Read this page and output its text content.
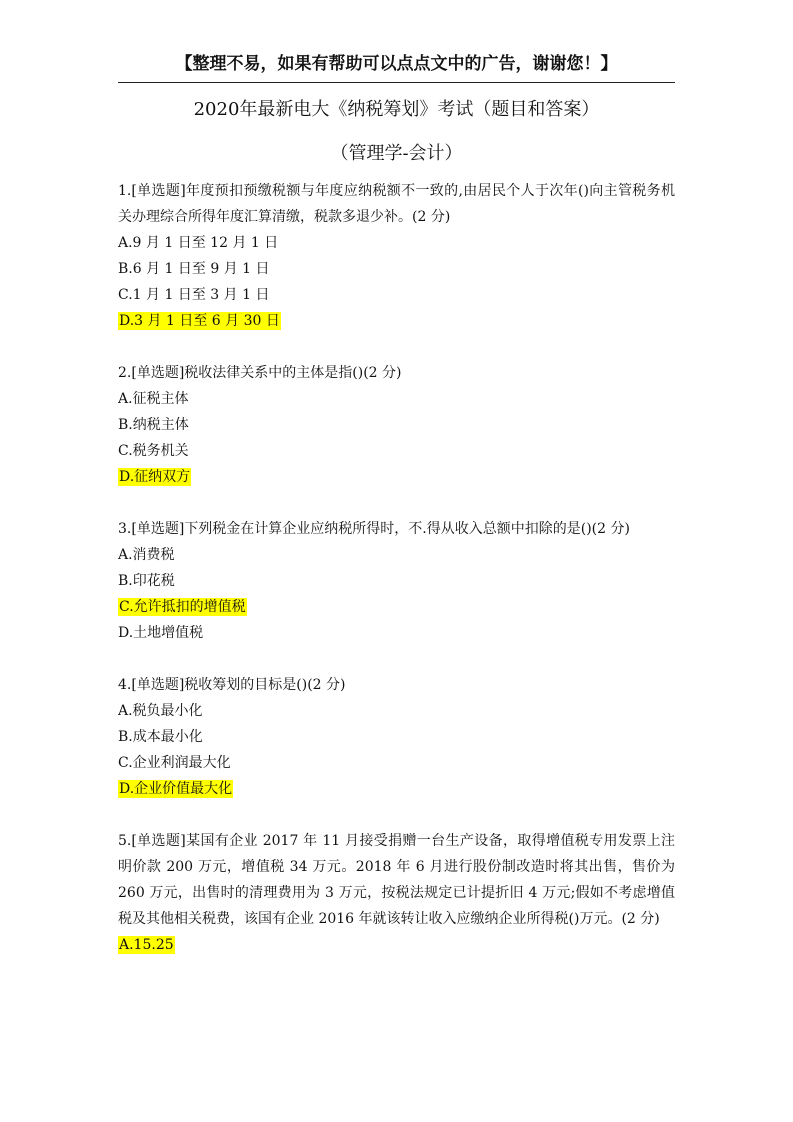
【整理不易，如果有帮助可以点点文中的广告，谢谢您！】
2020年最新电大《纳税筹划》考试（题目和答案）
（管理学-会计）
1.[单选题]年度预扣预缴税额与年度应纳税额不一致的,由居民个人于次年()向主管税务机关办理综合所得年度汇算清缴，税款多退少补。(2 分)
A.9 月 1 日至 12 月 1 日
B.6 月 1 日至 9 月 1 日
C.1 月 1 日至 3 月 1 日
D.3 月 1 日至 6 月 30 日
2.[单选题]税收法律关系中的主体是指()(2 分)
A.征税主体
B.纳税主体
C.税务机关
D.征纳双方
3.[单选题]下列税金在计算企业应纳税所得时，不.得从收入总额中扣除的是()(2 分)
A.消费税
B.印花税
C.允许抵扣的增值税
D.土地增值税
4.[单选题]税收筹划的目标是()(2 分)
A.税负最小化
B.成本最小化
C.企业利润最大化
D.企业价值最大化
5.[单选题]某国有企业 2017 年 11 月接受捐赠一台生产设备，取得增值税专用发票上注明价款 200 万元，增值税 34 万元。2018 年 6 月进行股份制改造时将其出售，售价为 260 万元，出售时的清理费用为 3 万元，按税法规定已计提折旧 4 万元;假如不考虑增值税及其他相关税费，该国有企业 2016 年就该转让收入应缴纳企业所得税()万元。(2 分)
A.15.25
